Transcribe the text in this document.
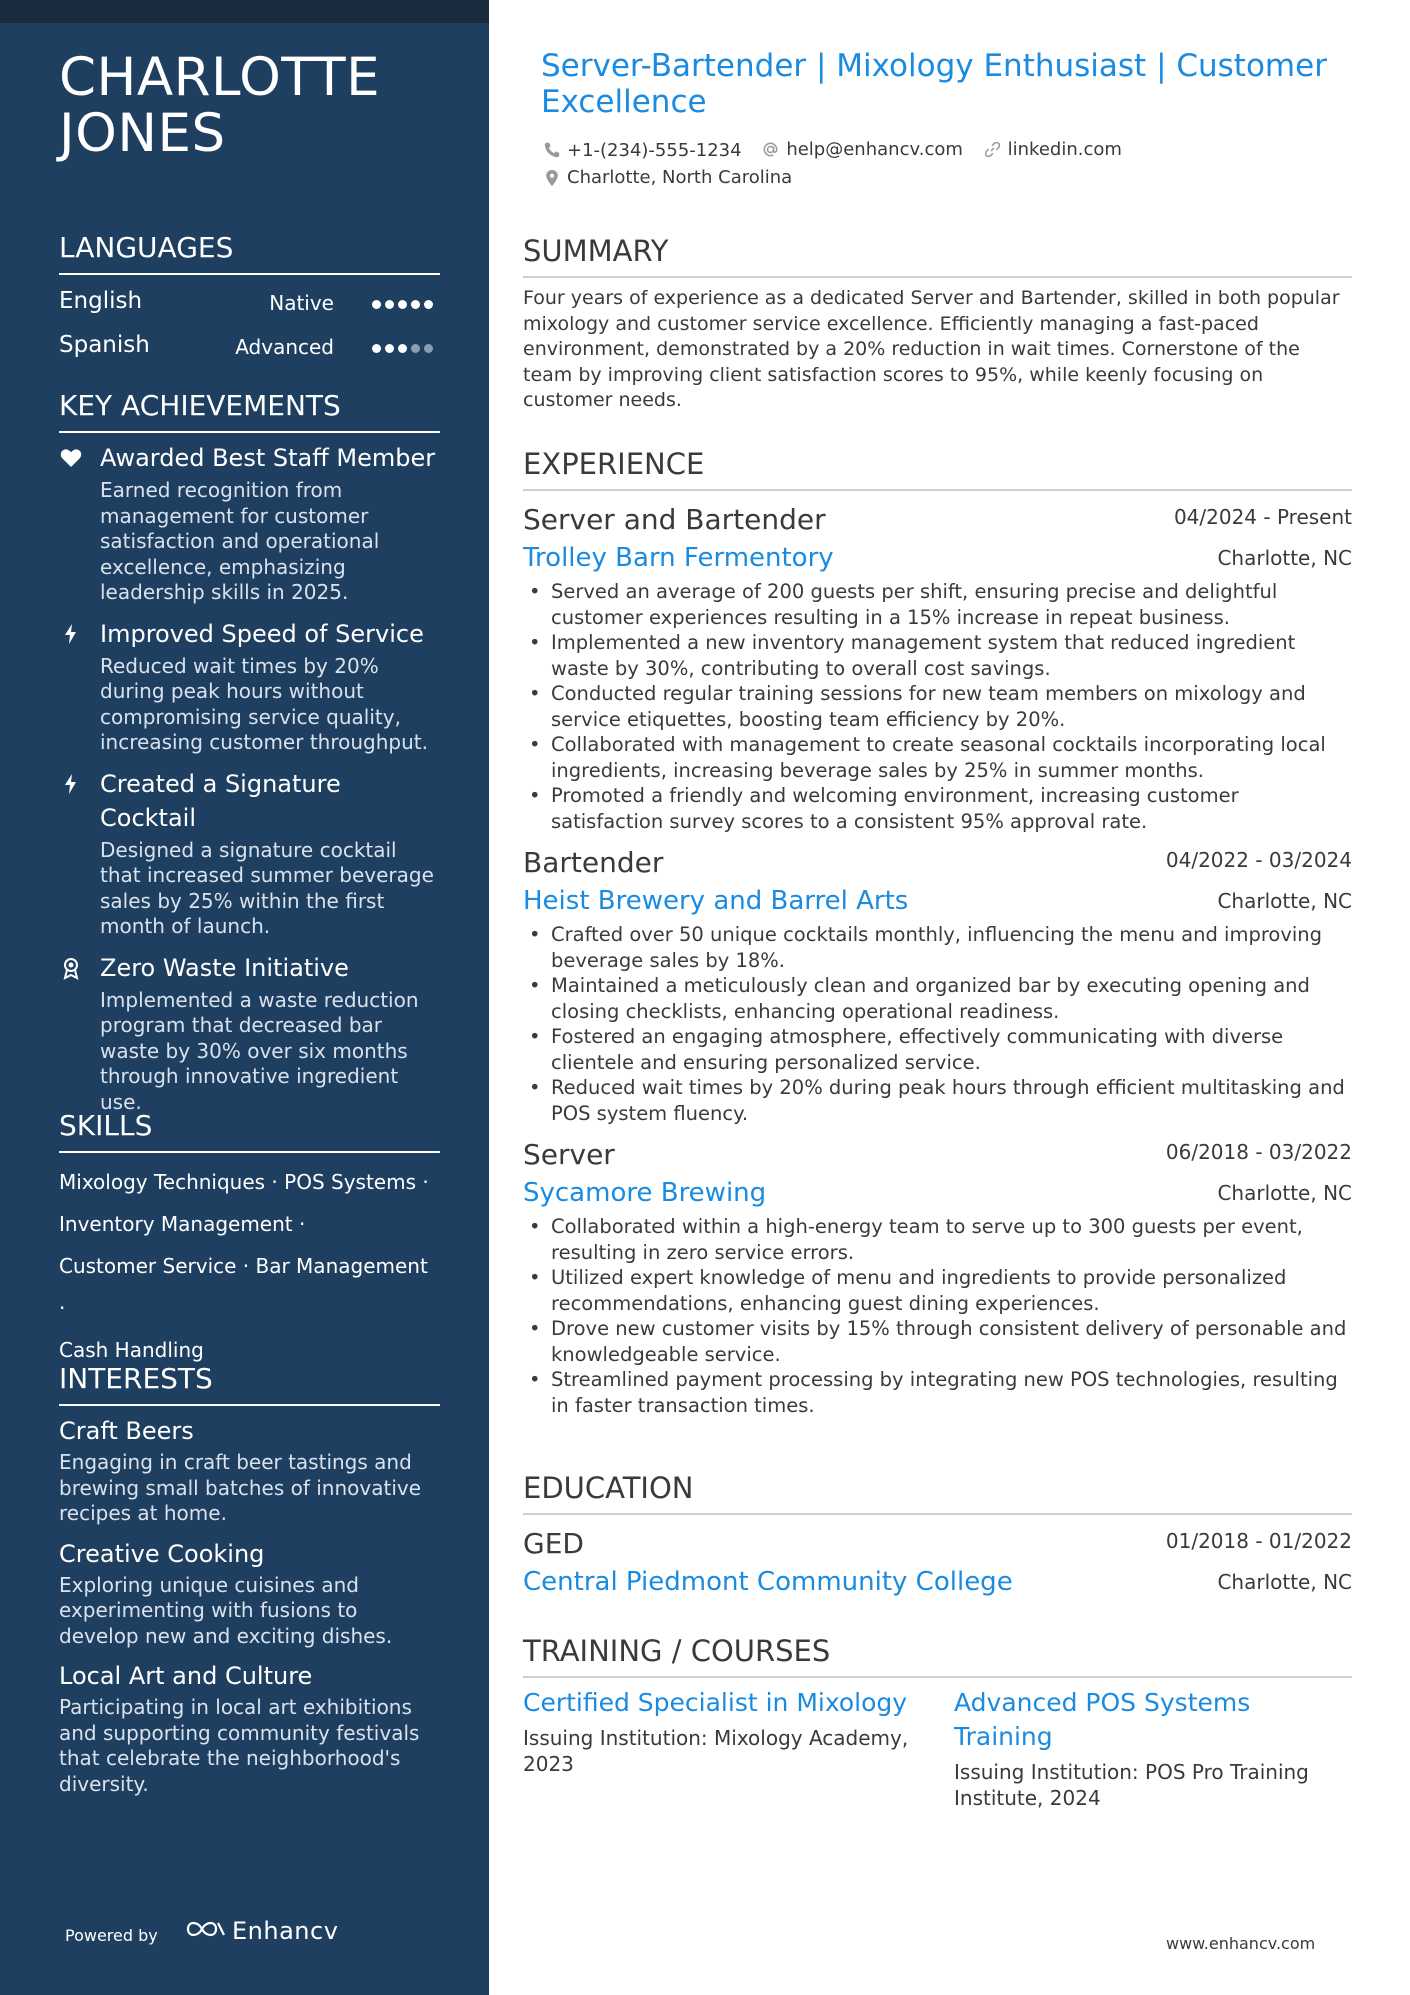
CHARLOTTE JONES
LANGUAGES
English	Native
Spanish	Advanced
KEY ACHIEVEMENTS
Awarded Best Staff Member
Earned recognition from management for customer satisfaction and operational excellence, emphasizing leadership skills in 2025.
Improved Speed of Service
Reduced wait times by 20% during peak hours without compromising service quality, increasing customer throughput.
Created a Signature Cocktail
Designed a signature cocktail that increased summer beverage sales by 25% within the first month of launch.
Zero Waste Initiative
Implemented a waste reduction program that decreased bar waste by 30% over six months through innovative ingredient use.
SKILLS
Mixology Techniques · POS Systems ·
Inventory Management ·
Customer Service · Bar Management ·
Cash Handling
INTERESTS
Craft Beers
Engaging in craft beer tastings and brewing small batches of innovative recipes at home.
Creative Cooking
Exploring unique cuisines and experimenting with fusions to develop new and exciting dishes.
Local Art and Culture
Participating in local art exhibitions and supporting community festivals that celebrate the neighborhood's diversity.
Powered by	Enhancv
Server-Bartender | Mixology Enthusiast | Customer Excellence
+1-(234)-555-1234
help@enhancv.com
linkedin.com

Charlotte, North Carolina
SUMMARY
Four years of experience as a dedicated Server and Bartender, skilled in both popular mixology and customer service excellence. Efficiently managing a fast-paced environment, demonstrated by a 20% reduction in wait times. Cornerstone of the team by improving client satisfaction scores to 95%, while keenly focusing on customer needs.
EXPERIENCE
Server and Bartender	04/2024 - Present
Trolley Barn Fermentory	Charlotte, NC
• Served an average of 200 guests per shift, ensuring precise and delightful customer experiences resulting in a 15% increase in repeat business.
• Implemented a new inventory management system that reduced ingredient waste by 30%, contributing to overall cost savings.
• Conducted regular training sessions for new team members on mixology and service etiquettes, boosting team efficiency by 20%.
• Collaborated with management to create seasonal cocktails incorporating local ingredients, increasing beverage sales by 25% in summer months.
• Promoted a friendly and welcoming environment, increasing customer satisfaction survey scores to a consistent 95% approval rate.
Bartender	04/2022 - 03/2024
Heist Brewery and Barrel Arts	Charlotte, NC
• Crafted over 50 unique cocktails monthly, influencing the menu and improving beverage sales by 18%.
• Maintained a meticulously clean and organized bar by executing opening and closing checklists, enhancing operational readiness.
• Fostered an engaging atmosphere, effectively communicating with diverse clientele and ensuring personalized service.
• Reduced wait times by 20% during peak hours through efficient multitasking and POS system fluency.
Server	06/2018 - 03/2022
Sycamore Brewing	Charlotte, NC
• Collaborated within a high-energy team to serve up to 300 guests per event, resulting in zero service errors.
• Utilized expert knowledge of menu and ingredients to provide personalized recommendations, enhancing guest dining experiences.
• Drove new customer visits by 15% through consistent delivery of personable and knowledgeable service.
• Streamlined payment processing by integrating new POS technologies, resulting in faster transaction times.
EDUCATION
GED	01/2018 - 01/2022
Central Piedmont Community College	Charlotte, NC
TRAINING / COURSES
Certified Specialist in Mixology
Issuing Institution: Mixology Academy, 2023
Advanced POS Systems Training
Issuing Institution: POS Pro Training Institute, 2024
www.enhancv.com
